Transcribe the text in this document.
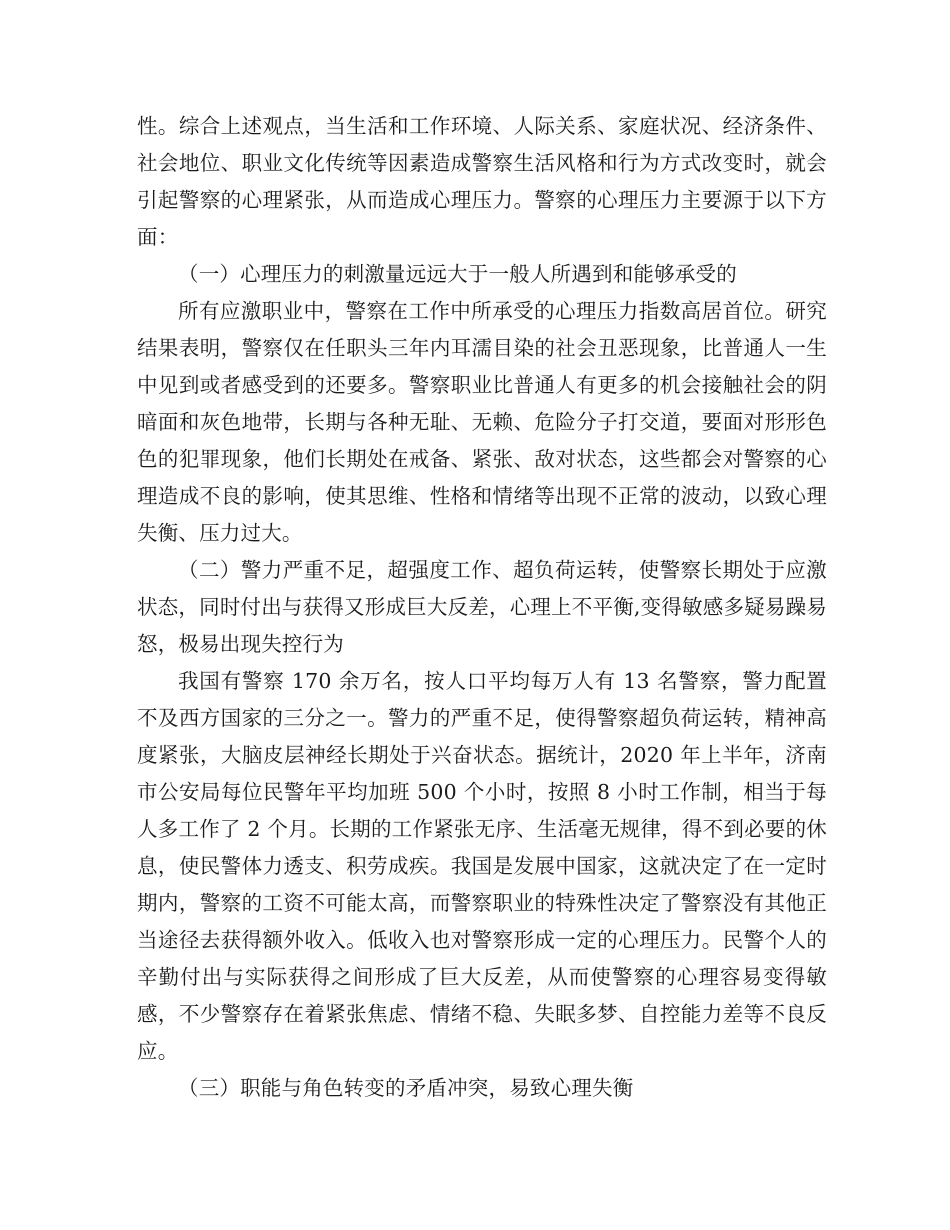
性。综合上述观点，当生活和工作环境、人际关系、家庭状况、经济条件、社会地位、职业文化传统等因素造成警察生活风格和行为方式改变时，就会引起警察的心理紧张，从而造成心理压力。警察的心理压力主要源于以下方面：

（一）心理压力的刺激量远远大于一般人所遇到和能够承受的

所有应激职业中，警察在工作中所承受的心理压力指数高居首位。研究结果表明，警察仅在任职头三年内耳濡目染的社会丑恶现象，比普通人一生中见到或者感受到的还要多。警察职业比普通人有更多的机会接触社会的阴暗面和灰色地带，长期与各种无耻、无赖、危险分子打交道，要面对形形色色的犯罪现象，他们长期处在戒备、紧张、敌对状态，这些都会对警察的心理造成不良的影响，使其思维、性格和情绪等出现不正常的波动，以致心理失衡、压力过大。

（二）警力严重不足，超强度工作、超负荷运转，使警察长期处于应激状态，同时付出与获得又形成巨大反差，心理上不平衡,变得敏感多疑易躁易怒，极易出现失控行为

我国有警察 170 余万名，按人口平均每万人有 13 名警察，警力配置不及西方国家的三分之一。警力的严重不足，使得警察超负荷运转，精神高度紧张，大脑皮层神经长期处于兴奋状态。据统计，2020 年上半年，济南市公安局每位民警年平均加班 500 个小时，按照 8 小时工作制，相当于每人多工作了 2 个月。长期的工作紧张无序、生活毫无规律，得不到必要的休息，使民警体力透支、积劳成疾。我国是发展中国家，这就决定了在一定时期内，警察的工资不可能太高，而警察职业的特殊性决定了警察没有其他正当途径去获得额外收入。低收入也对警察形成一定的心理压力。民警个人的辛勤付出与实际获得之间形成了巨大反差，从而使警察的心理容易变得敏感，不少警察存在着紧张焦虑、情绪不稳、失眠多梦、自控能力差等不良反应。

（三）职能与角色转变的矛盾冲突，易致心理失衡
